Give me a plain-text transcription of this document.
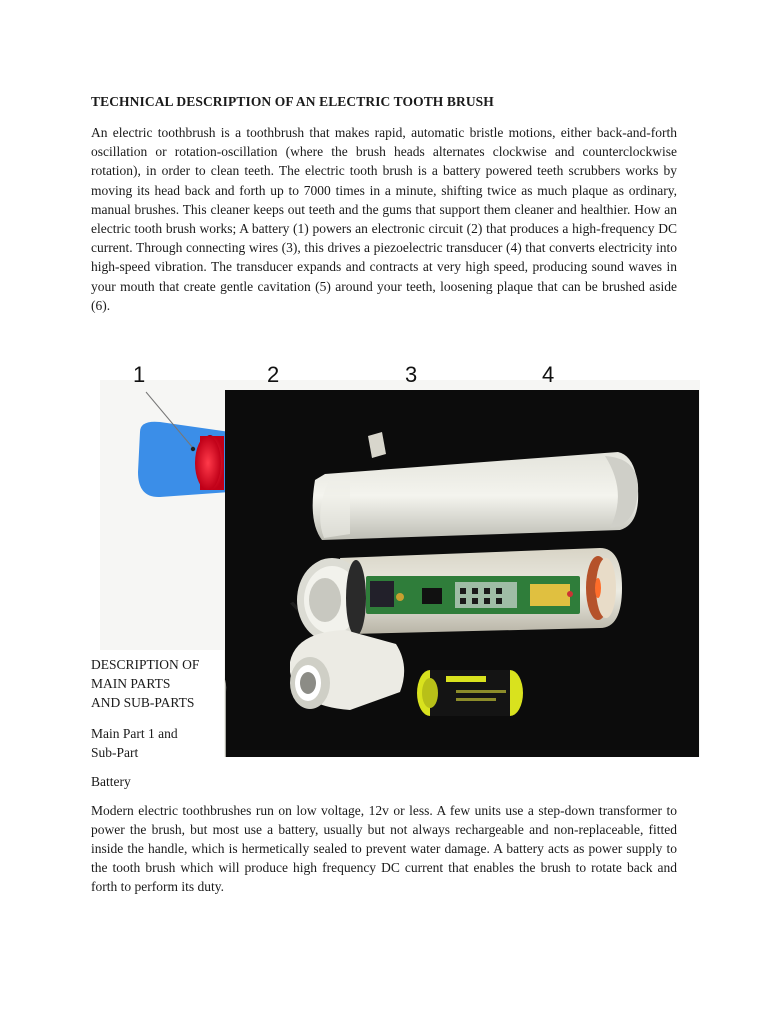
TECHNICAL DESCRIPTION OF AN ELECTRIC TOOTH BRUSH

An electric toothbrush is a toothbrush that makes rapid, automatic bristle motions, either back-and-forth oscillation or rotation-oscillation (where the brush heads alternates clockwise and counterclockwise rotation), in order to clean teeth. The electric tooth brush is a battery powered teeth scrubbers works by moving its head back and forth up to 7000 times in a minute, shifting twice as much plaque as ordinary, manual brushes. This cleaner keeps out teeth and the gums that support them cleaner and healthier. How an electric tooth brush works; A battery (1) powers an electronic circuit (2) that produces a high-frequency DC current. Through connecting wires (3), this drives a piezoelectric transducer (4) that converts electricity into high-speed vibration. The transducer expands and contracts at very high speed, producing sound waves in your mouth that create gentle cavitation (5) around your teeth, loosening plaque that can be brushed aside (6).

1	2	3	4
DESCRIPTION OF
MAIN PARTS
AND SUB-PARTS
Main Part 1 and
Sub-Part
Battery

Modern electric toothbrushes run on low voltage, 12v or less. A few units use a step-down transformer to power the brush, but most use a battery, usually but not always rechargeable and non-replaceable, fitted inside the handle, which is hermetically sealed to prevent water damage. A battery acts as power supply to the tooth brush which will produce high frequency DC current that enables the brush to rotate back and forth to perform its duty.
